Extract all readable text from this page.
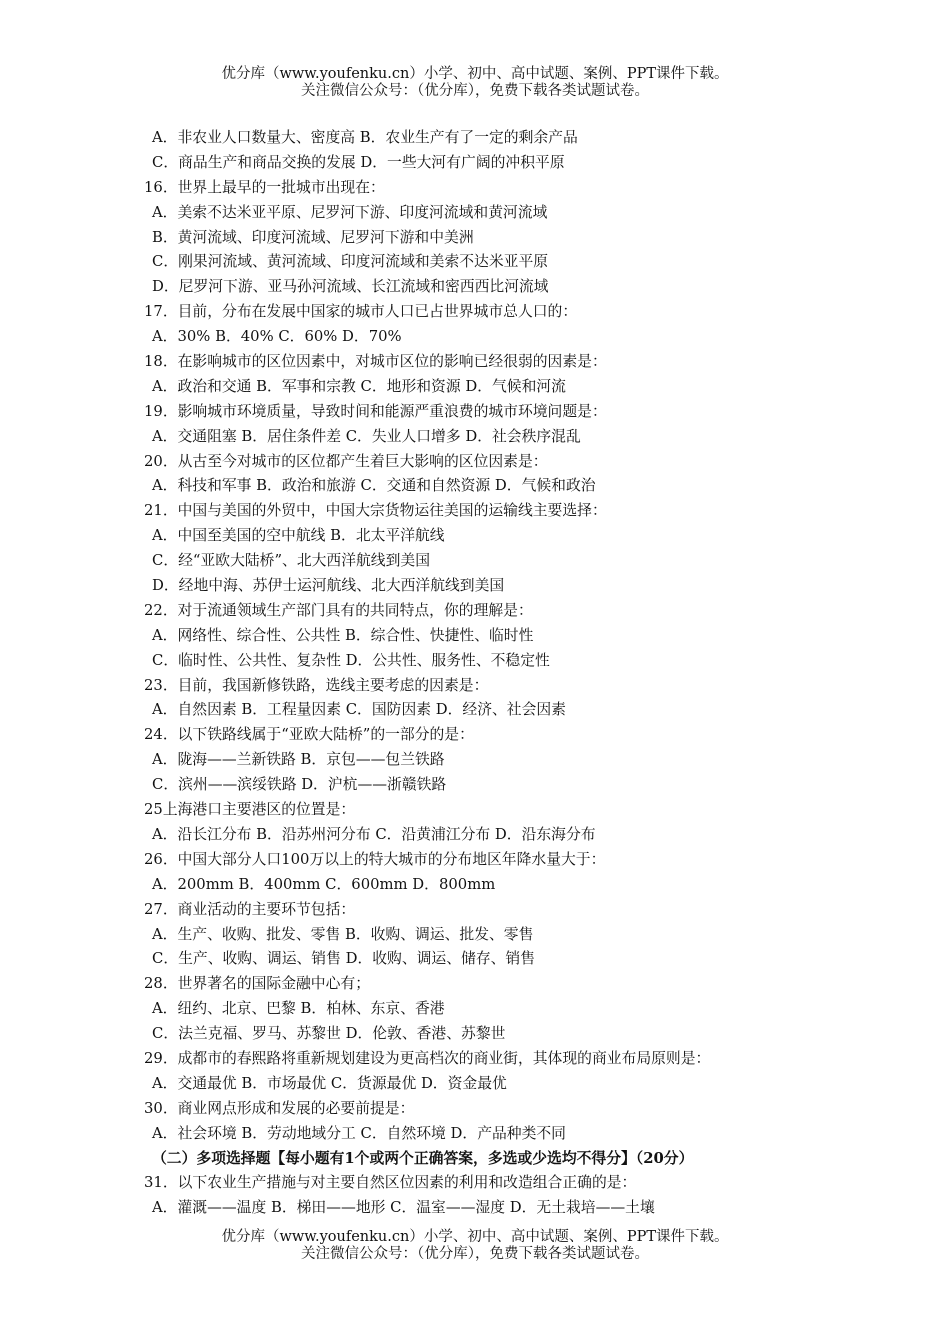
优分库（www.youfenku.cn）小学、初中、高中试题、案例、PPT课件下载。
关注微信公众号：（优分库），免费下载各类试题试卷。
A．非农业人口数量大、密度高 B．农业生产有了一定的剩余产品
C．商品生产和商品交换的发展 D．一些大河有广阔的冲积平原
16．世界上最早的一批城市出现在：
A．美索不达米亚平原、尼罗河下游、印度河流域和黄河流域
B．黄河流域、印度河流域、尼罗河下游和中美洲
C．刚果河流域、黄河流域、印度河流域和美索不达米亚平原
D．尼罗河下游、亚马孙河流域、长江流域和密西西比河流域
17．目前，分布在发展中国家的城市人口已占世界城市总人口的：
A．30% B．40% C．60% D．70%
18．在影响城市的区位因素中，对城市区位的影响已经很弱的因素是：
A．政治和交通 B．军事和宗教 C．地形和资源 D．气候和河流
19．影响城市环境质量，导致时间和能源严重浪费的城市环境问题是：
A．交通阻塞 B．居住条件差 C．失业人口增多 D．社会秩序混乱
20．从古至今对城市的区位都产生着巨大影响的区位因素是：
A．科技和军事 B．政治和旅游 C．交通和自然资源 D．气候和政治
21．中国与美国的外贸中，中国大宗货物运往美国的运输线主要选择：
A．中国至美国的空中航线 B．北太平洋航线
C．经“亚欧大陆桥”、北大西洋航线到美国
D．经地中海、苏伊士运河航线、北大西洋航线到美国
22．对于流通领域生产部门具有的共同特点，你的理解是：
A．网络性、综合性、公共性 B．综合性、快捷性、临时性
C．临时性、公共性、复杂性 D．公共性、服务性、不稳定性
23．目前，我国新修铁路，选线主要考虑的因素是：
A．自然因素 B．工程量因素 C．国防因素 D．经济、社会因素
24．以下铁路线属于“亚欧大陆桥”的一部分的是：
A．陇海——兰新铁路 B．京包——包兰铁路
C．滨州——滨绥铁路 D．沪杭——浙赣铁路
25上海港口主要港区的位置是：
A．沿长江分布 B．沿苏州河分布 C．沿黄浦江分布 D．沿东海分布
26．中国大部分人口100万以上的特大城市的分布地区年降水量大于：
A．200mm B．400mm C．600mm D．800mm
27．商业活动的主要环节包括：
A．生产、收购、批发、零售 B．收购、调运、批发、零售
C．生产、收购、调运、销售 D．收购、调运、储存、销售
28．世界著名的国际金融中心有；
A．纽约、北京、巴黎 B．柏林、东京、香港
C．法兰克福、罗马、苏黎世 D．伦敦、香港、苏黎世
29．成都市的春熙路将重新规划建设为更高档次的商业街，其体现的商业布局原则是：
A．交通最优 B．市场最优 C．货源最优 D．资金最优
30．商业网点形成和发展的必要前提是：
A．社会环境 B．劳动地域分工 C．自然环境 D．产品种类不同
（二）多项选择题【每小题有1个或两个正确答案，多选或少选均不得分】（20分）
31．以下农业生产措施与对主要自然区位因素的利用和改造组合正确的是：
A．灌溉——温度 B．梯田——地形 C．温室——湿度 D．无土栽培——土壤
优分库（www.youfenku.cn）小学、初中、高中试题、案例、PPT课件下载。
关注微信公众号：（优分库），免费下载各类试题试卷。
